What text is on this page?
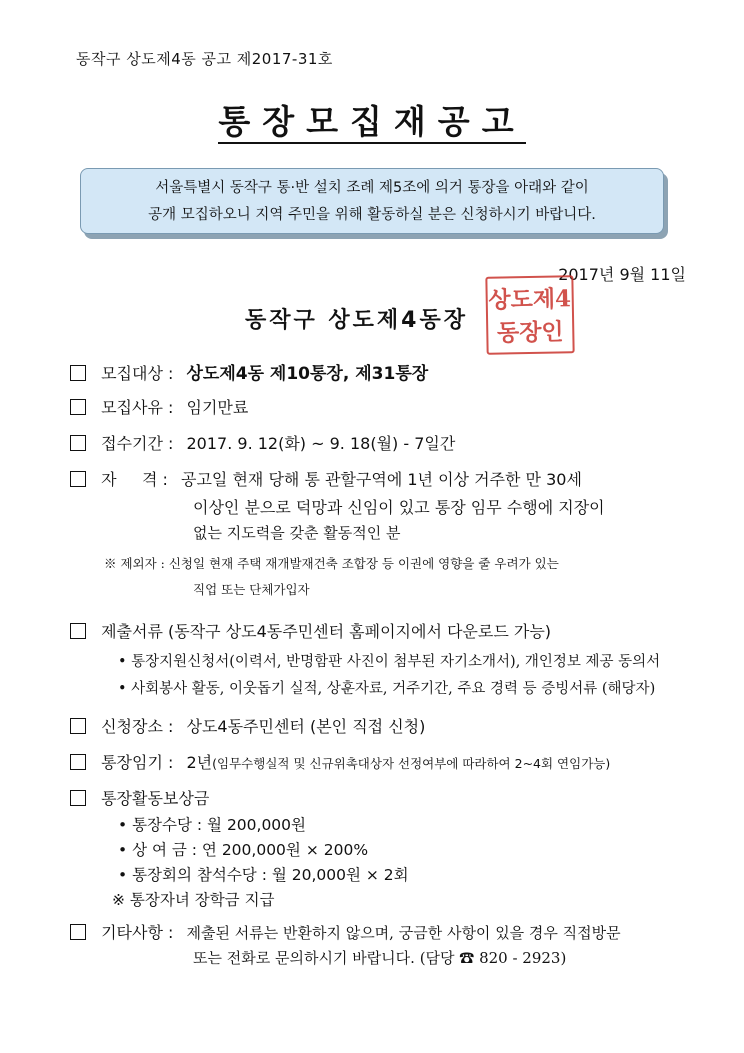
동작구 상도제4동 공고 제2017-31호
통장모집재공고
서울특별시 동작구 통·반 설치 조례 제5조에 의거 통장을 아래와 같이
공개 모집하오니 지역 주민을 위해 활동하실 분은 신청하시기 바랍니다.
2017년 9월 11일
동작구 상도제4동장
상도제4
동장인
모집대상 : 상도제4동 제10통장, 제31통장
모집사유 : 임기만료
접수기간 : 2017. 9. 12(화) ~ 9. 18(월) - 7일간
자     격 : 공고일 현재 당해 통 관할구역에 1년 이상 거주한 만 30세
이상인 분으로 덕망과 신임이 있고 통장 임무 수행에 지장이
없는 지도력을 갖춘 활동적인 분
※ 제외자 : 신청일 현재 주택 재개발재건축 조합장 등 이권에 영향을 줄 우려가 있는
직업 또는 단체가입자
제출서류 (동작구 상도4동주민센터 홈페이지에서 다운로드 가능)
• 통장지원신청서(이력서, 반명함판 사진이 첨부된 자기소개서), 개인정보 제공 동의서
• 사회봉사 활동, 이웃돕기 실적, 상훈자료, 거주기간, 주요 경력 등 증빙서류 (해당자)
신청장소 : 상도4동주민센터 (본인 직접 신청)
통장임기 : 2년(임무수행실적 및 신규위촉대상자 선정여부에 따라하여 2~4회 연임가능)
통장활동보상금
• 통장수당 : 월 200,000원
• 상 여 금 : 연 200,000원 × 200%
• 통장회의 참석수당 : 월 20,000원 × 2회
※ 통장자녀 장학금 지급
기타사항 : 제출된 서류는 반환하지 않으며, 궁금한 사항이 있을 경우 직접방문
또는 전화로 문의하시기 바랍니다. (담당 ☎ 820 - 2923)
